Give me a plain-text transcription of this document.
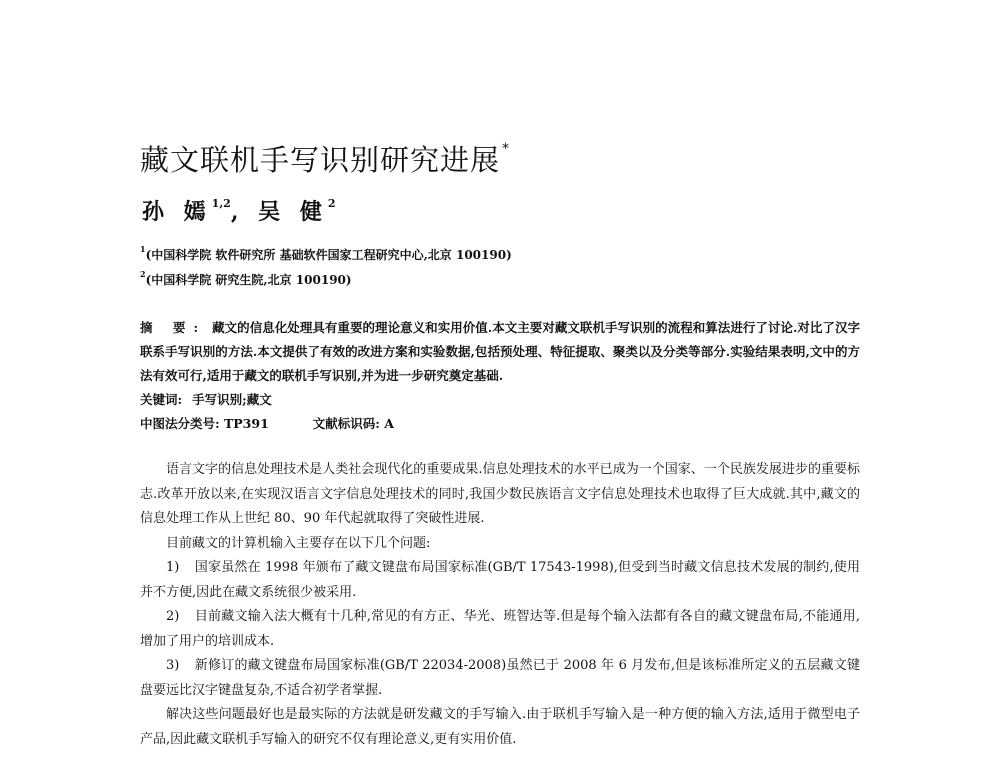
藏文联机手写识别研究进展 *
孙 嫣$^{1,2}$, 吴 健$^2$
$^1$(中国科学院 软件研究所 基础软件国家工程研究中心,北京 100190)
$^2$(中国科学院 研究生院,北京 100190)
摘 要: 藏文的信息化处理具有重要的理论意义和实用价值.本文主要对藏文联机手写识别的流程和算法进行了讨论.对比了汉字联系手写识别的方法.本文提供了有效的改进方案和实验数据,包括预处理、特征提取、聚类以及分类等部分.实验结果表明,文中的方法有效可行,适用于藏文的联机手写识别,并为进一步研究奠定基础.
关键词: 手写识别;藏文
中图法分类号: TP391	文献标识码: A

语言文字的信息处理技术是人类社会现代化的重要成果.信息处理技术的水平已成为一个国家、一个民族发展进步的重要标志.改革开放以来,在实现汉语言文字信息处理技术的同时,我国少数民族语言文字信息处理技术也取得了巨大成就.其中,藏文的信息处理工作从上世纪 80、90 年代起就取得了突破性进展.

目前藏文的计算机输入主要存在以下几个问题:

1) 国家虽然在 1998 年颁布了藏文键盘布局国家标准(GB/T 17543-1998),但受到当时藏文信息技术发展的制约,使用并不方便,因此在藏文系统很少被采用.

2) 目前藏文输入法大概有十几种,常见的有方正、华光、班智达等.但是每个输入法都有各自的藏文键盘布局,不能通用,增加了用户的培训成本.

3) 新修订的藏文键盘布局国家标准(GB/T 22034-2008)虽然已于 2008 年 6 月发布,但是该标准所定义的五层藏文键盘要远比汉字键盘复杂,不适合初学者掌握.

解决这些问题最好也是最实际的方法就是研发藏文的手写输入.由于联机手写输入是一种方便的输入方法,适用于微型电子产品,因此藏文联机手写输入的研究不仅有理论意义,更有实用价值.
